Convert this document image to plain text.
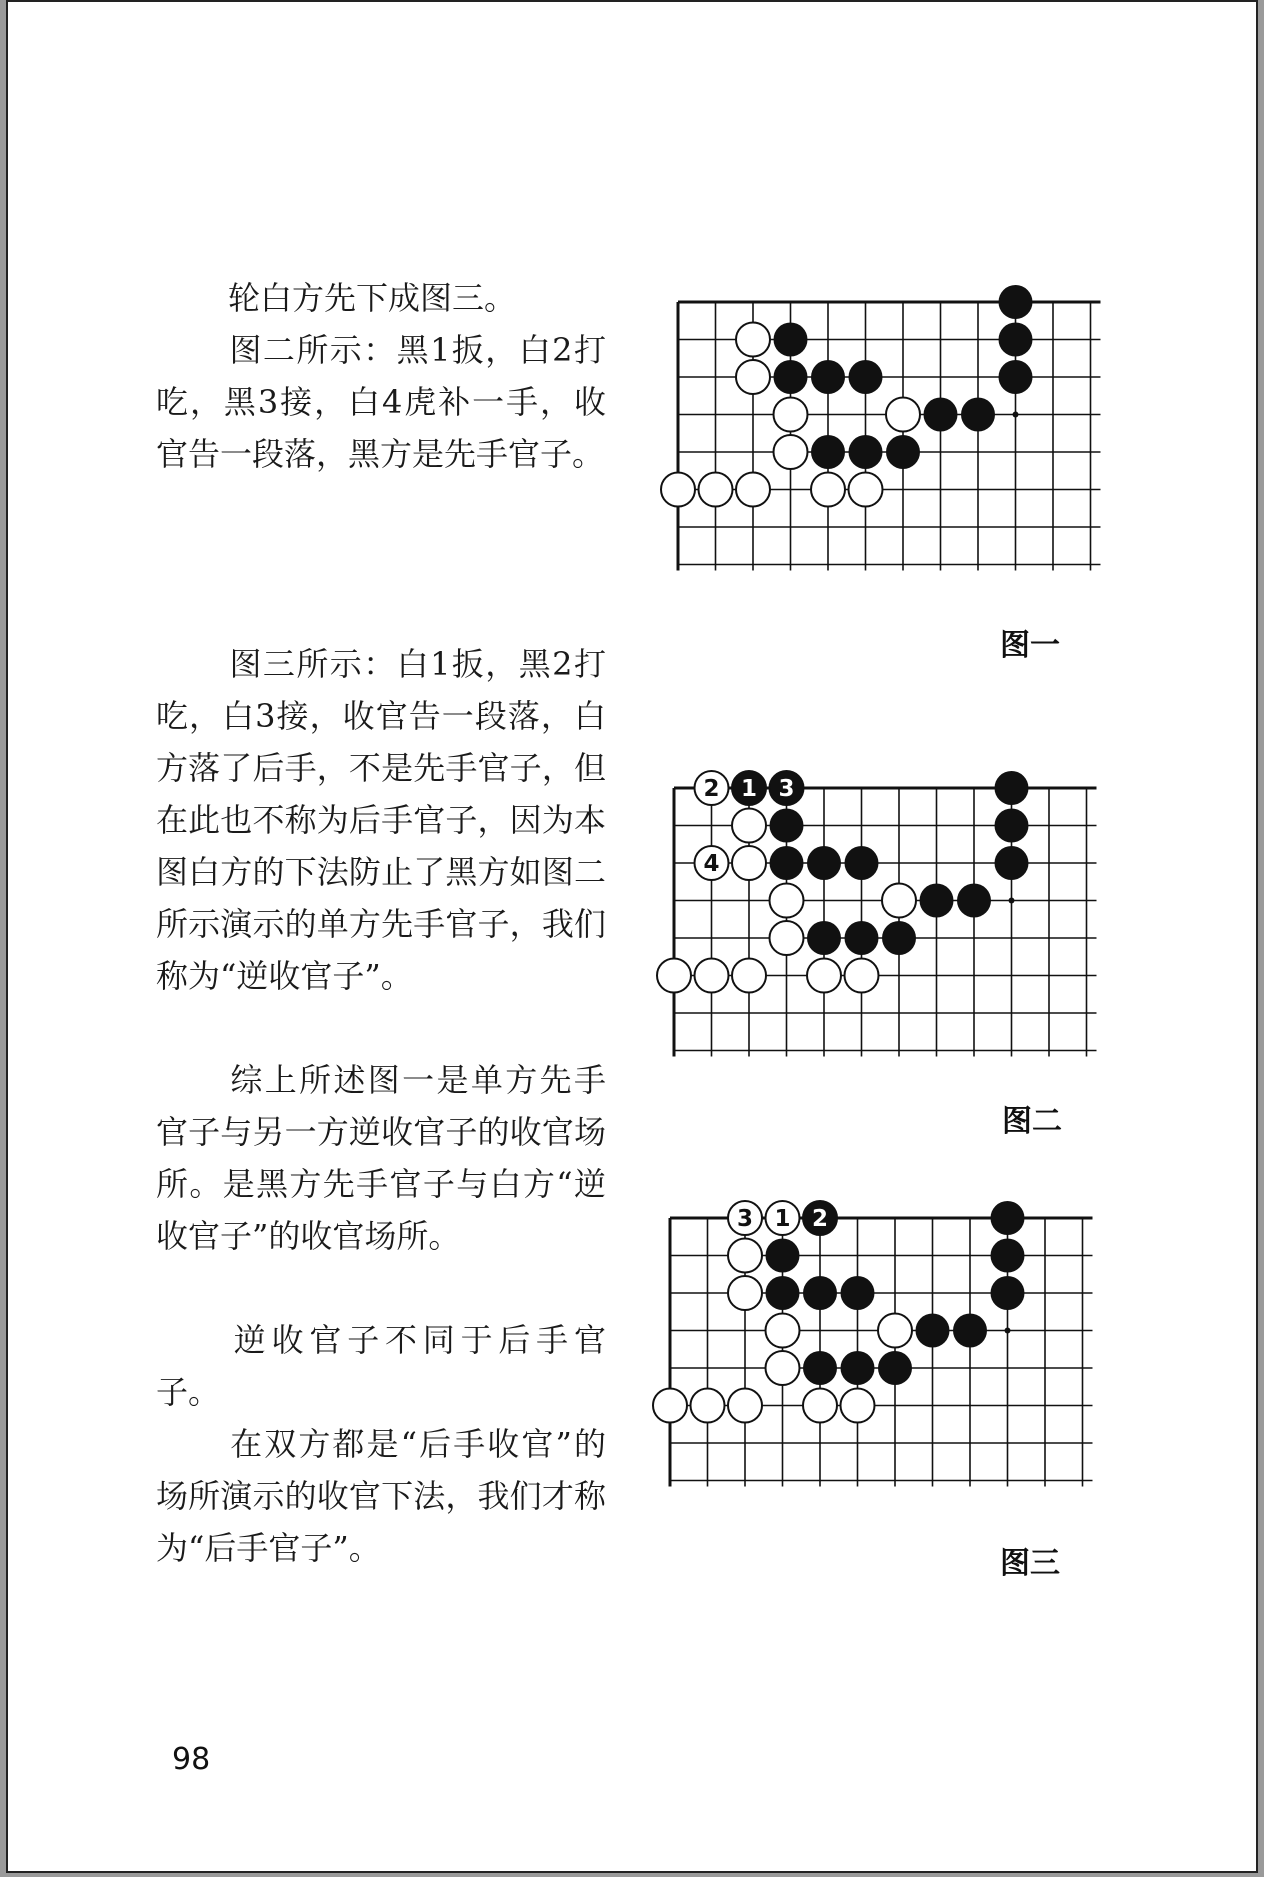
轮白方先下成图三。

图二所示：黑1扳，白2打吃，黑3接，白4虎补一手，收官告一段落，黑方是先手官子。

图三所示：白1扳，黑2打吃，白3接，收官告一段落，白方落了后手，不是先手官子，但在此也不称为后手官子，因为本图白方的下法防止了黑方如图二所示演示的单方先手官子，我们称为“逆收官子”。

综上所述图一是单方先手官子与另一方逆收官子的收官场所。是黑方先手官子与白方“逆收官子”的收官场所。

逆收官子不同于后手官子。

在双方都是“后手收官”的场所演示的收官下法，我们才称为“后手官子”。

图一
2 1 3
4
图二
3 1 2
图三
98
